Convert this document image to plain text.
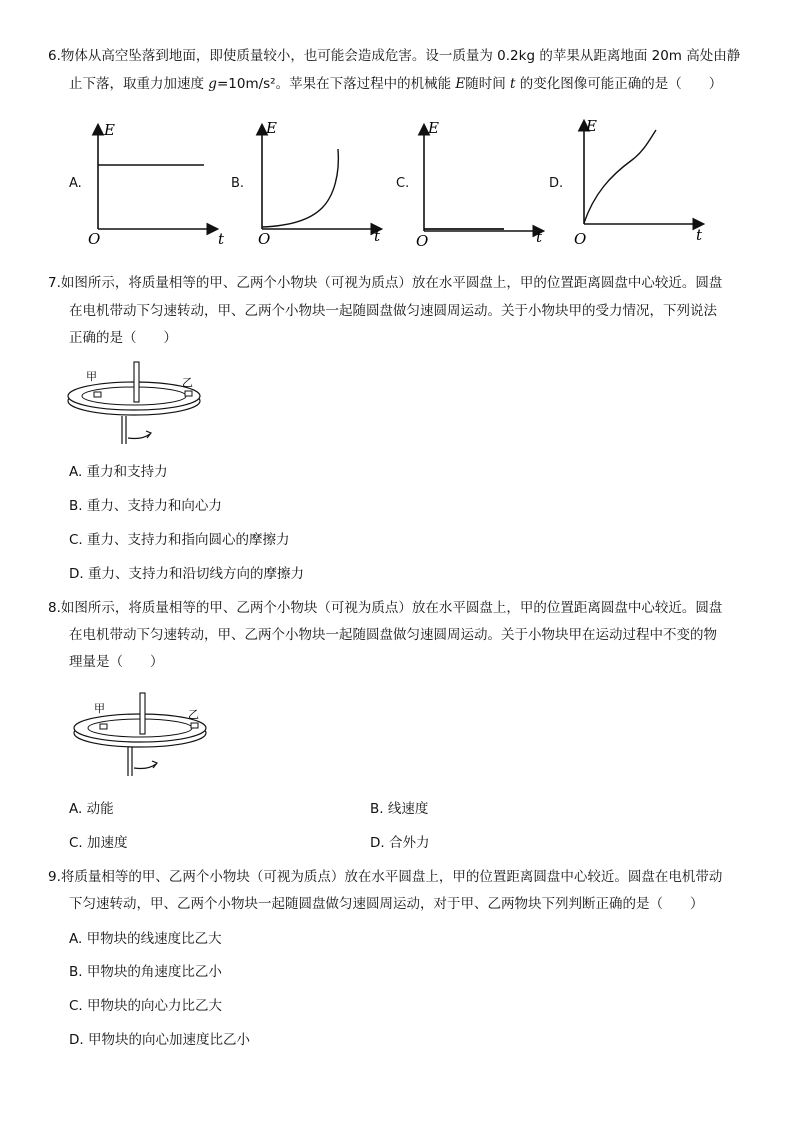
6.物体从高空坠落到地面，即使质量较小，也可能会造成危害。设一质量为 0.2kg 的苹果从距离地面 20m 高处由静
止下落，取重力加速度 g=10m/s²。苹果在下落过程中的机械能 E随时间 t 的变化图像可能正确的是（　　）
A.
E
t
O
B.
E
t
O
C.
E
t
O
D.
E
t
O
7.如图所示，将质量相等的甲、乙两个小物块（可视为质点）放在水平圆盘上，甲的位置距离圆盘中心较近。圆盘
在电机带动下匀速转动，甲、乙两个小物块一起随圆盘做匀速圆周运动。关于小物块甲的受力情况，下列说法
正确的是（　　）
甲	乙
A. 重力和支持力
B. 重力、支持力和向心力
C. 重力、支持力和指向圆心的摩擦力
D. 重力、支持力和沿切线方向的摩擦力
8.如图所示，将质量相等的甲、乙两个小物块（可视为质点）放在水平圆盘上，甲的位置距离圆盘中心较近。圆盘
在电机带动下匀速转动，甲、乙两个小物块一起随圆盘做匀速圆周运动。关于小物块甲在运动过程中不变的物
理量是（　　）
甲	乙
A. 动能	B. 线速度
C. 加速度	D. 合外力
9.将质量相等的甲、乙两个小物块（可视为质点）放在水平圆盘上，甲的位置距离圆盘中心较近。圆盘在电机带动
下匀速转动，甲、乙两个小物块一起随圆盘做匀速圆周运动，对于甲、乙两物块下列判断正确的是（　　）
A. 甲物块的线速度比乙大
B. 甲物块的角速度比乙小
C. 甲物块的向心力比乙大
D. 甲物块的向心加速度比乙小
